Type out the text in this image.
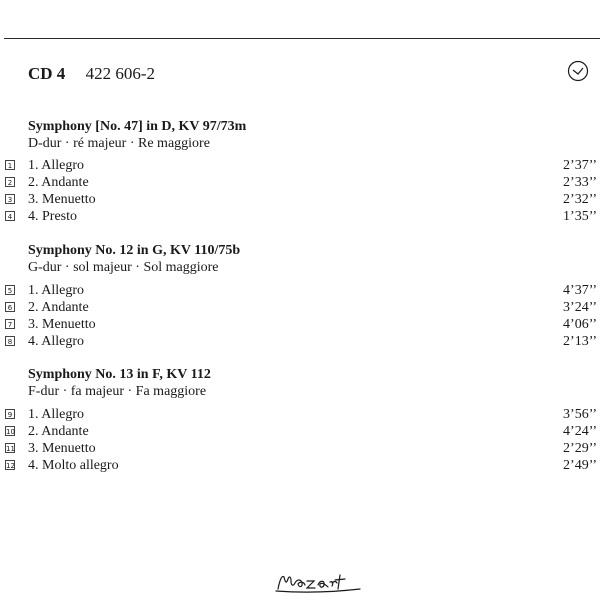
CD 4 422 606-2
Symphony [No. 47] in D, KV 97/73m
D-dur · ré majeur · Re maggiore
1 1. Allegro	2’37’’
2 2. Andante	2’33’’
3 3. Menuetto	2’32’’
4 4. Presto	1’35’’
Symphony No. 12 in G, KV 110/75b
G-dur · sol majeur · Sol maggiore
5 1. Allegro	4’37’’
6 2. Andante	3’24’’
7 3. Menuetto	4’06’’
8 4. Allegro	2’13’’
Symphony No. 13 in F, KV 112
F-dur · fa majeur · Fa maggiore
9 1. Allegro	3’56’’
10 2. Andante	4’24’’
11 3. Menuetto	2’29’’
12 4. Molto allegro	2’49’’
